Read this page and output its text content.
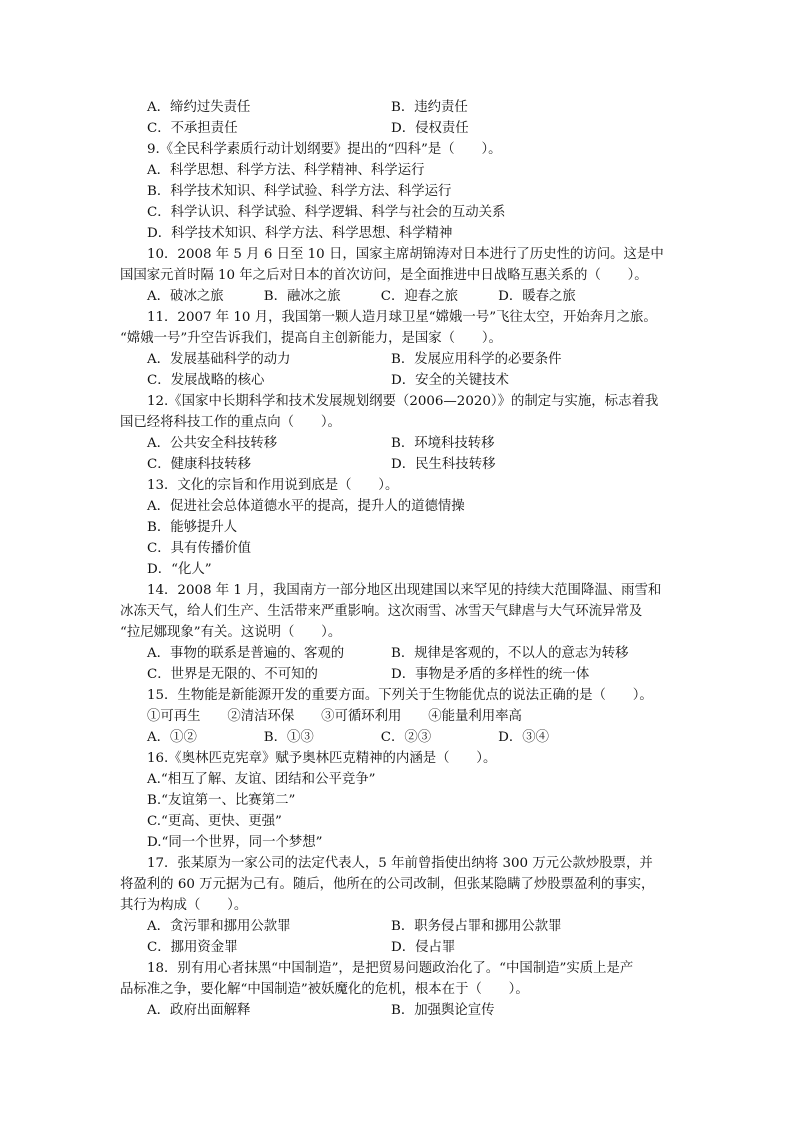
A．缔约过失责任	B．违约责任
C．不承担责任	D．侵权责任
9.《全民科学素质行动计划纲要》提出的“四科”是（　　）。
A．科学思想、科学方法、科学精神、科学运行
B．科学技术知识、科学试验、科学方法、科学运行
C．科学认识、科学试验、科学逻辑、科学与社会的互动关系
D．科学技术知识、科学方法、科学思想、科学精神
10．2008 年 5 月 6 日至 10 日，国家主席胡锦涛对日本进行了历史性的访问。这是中
国国家元首时隔 10 年之后对日本的首次访问，是全面推进中日战略互惠关系的（　　）。
A．破冰之旅　　　B．融冰之旅　　　C．迎春之旅　　　D．暖春之旅
11．2007 年 10 月，我国第一颗人造月球卫星“嫦娥一号”飞往太空，开始奔月之旅。
“嫦娥一号”升空告诉我们，提高自主创新能力，是国家（　　）。
A．发展基础科学的动力	B．发展应用科学的必要条件
C．发展战略的核心	D．安全的关键技术
12.《国家中长期科学和技术发展规划纲要（2006—2020）》的制定与实施，标志着我
国已经将科技工作的重点向（　　）。
A．公共安全科技转移	B．环境科技转移
C．健康科技转移	D．民生科技转移
13．文化的宗旨和作用说到底是（　　）。
A．促进社会总体道德水平的提高，提升人的道德情操
B．能够提升人
C．具有传播价值
D．“化人”
14．2008 年 1 月，我国南方一部分地区出现建国以来罕见的持续大范围降温、雨雪和
冰冻天气，给人们生产、生活带来严重影响。这次雨雪、冰雪天气肆虐与大气环流异常及
“拉尼娜现象”有关。这说明（　　）。
A．事物的联系是普遍的、客观的	B．规律是客观的，不以人的意志为转移
C．世界是无限的、不可知的	D．事物是矛盾的多样性的统一体
15．生物能是新能源开发的重要方面。下列关于生物能优点的说法正确的是（　　）。
①可再生　　②清洁环保　　③可循环利用　　④能量利用率高
A．①②　　　　　B．①③　　　　　C．②③　　　　　D．③④
16.《奥林匹克宪章》赋予奥林匹克精神的内涵是（　　）。
A.“相互了解、友谊、团结和公平竞争”
B.“友谊第一、比赛第二”
C.“更高、更快、更强”
D.“同一个世界，同一个梦想”
17．张某原为一家公司的法定代表人，5 年前曾指使出纳将 300 万元公款炒股票，并
将盈利的 60 万元据为己有。随后，他所在的公司改制，但张某隐瞒了炒股票盈利的事实，
其行为构成（　　）。
A．贪污罪和挪用公款罪	B．职务侵占罪和挪用公款罪
C．挪用资金罪	D．侵占罪
18．别有用心者抹黑“中国制造”，是把贸易问题政治化了。“中国制造”实质上是产
品标准之争，要化解“中国制造”被妖魔化的危机，根本在于（　　）。
A．政府出面解释	B．加强舆论宣传
